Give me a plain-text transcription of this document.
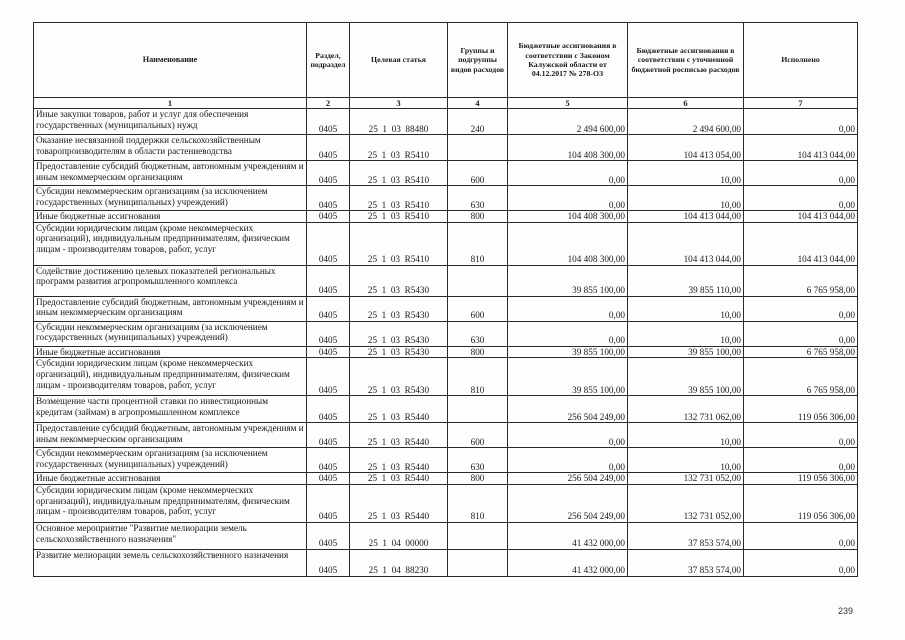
Наименование	Раздел, подраздел	Целевая статья	Группы и подгруппы видов расходов	Бюджетные ассигнования в соответствии с Законом Калужской области от 04.12.2017 № 278-ОЗ	Бюджетные ассигнования в соответствии с уточненной бюджетной росписью расходов	Исполнено
1	2	3	4	5	6	7
Иные закупки товаров, работ и услуг для обеспечения государственных (муниципальных) нужд	0405	25  1  03  88480	240	2 494 600,00	2 494 600,00	0,00
Оказание несвязанной поддержки сельскохозяйственным товаропроизводителям в области растениеводства	0405	25  1  03  R5410		104 408 300,00	104 413 054,00	104 413 044,00
Предоставление субсидий бюджетным, автономным учреждениям и иным некоммерческим организациям	0405	25  1  03  R5410	600	0,00	10,00	0,00
Субсидии некоммерческим организациям (за исключением государственных (муниципальных) учреждений)	0405	25  1  03  R5410	630	0,00	10,00	0,00
Иные бюджетные ассигнования	0405	25  1  03  R5410	800	104 408 300,00	104 413 044,00	104 413 044,00
Субсидии юридическим лицам (кроме некоммерческих организаций), индивидуальным предпринимателям, физическим лицам - производителям товаров, работ, услуг	0405	25  1  03  R5410	810	104 408 300,00	104 413 044,00	104 413 044,00
Содействие достижению целевых показателей региональных программ развития агропромышленного комплекса	0405	25  1  03  R5430		39 855 100,00	39 855 110,00	6 765 958,00
Предоставление субсидий бюджетным, автономным учреждениям и иным некоммерческим организациям	0405	25  1  03  R5430	600	0,00	10,00	0,00
Субсидии некоммерческим организациям (за исключением государственных (муниципальных) учреждений)	0405	25  1  03  R5430	630	0,00	10,00	0,00
Иные бюджетные ассигнования	0405	25  1  03  R5430	800	39 855 100,00	39 855 100,00	6 765 958,00
Субсидии юридическим лицам (кроме некоммерческих организаций), индивидуальным предпринимателям, физическим лицам - производителям товаров, работ, услуг	0405	25  1  03  R5430	810	39 855 100,00	39 855 100,00	6 765 958,00
Возмещение части процентной ставки по инвестиционным кредитам (займам) в агропромышленном комплексе	0405	25  1  03  R5440		256 504 249,00	132 731 062,00	119 056 306,00
Предоставление субсидий бюджетным, автономным учреждениям и иным некоммерческим организациям	0405	25  1  03  R5440	600	0,00	10,00	0,00
Субсидии некоммерческим организациям (за исключением государственных (муниципальных) учреждений)	0405	25  1  03  R5440	630	0,00	10,00	0,00
Иные бюджетные ассигнования	0405	25  1  03  R5440	800	256 504 249,00	132 731 052,00	119 056 306,00
Субсидии юридическим лицам (кроме некоммерческих организаций), индивидуальным предпринимателям, физическим лицам - производителям товаров, работ, услуг	0405	25  1  03  R5440	810	256 504 249,00	132 731 052,00	119 056 306,00
Основное мероприятие "Развитие мелиорации земель сельскохозяйственного назначения"	0405	25  1  04  00000		41 432 000,00	37 853 574,00	0,00
Развитие мелиорации земель сельскохозяйственного назначения	0405	25  1  04  88230		41 432 000,00	37 853 574,00	0,00
239
